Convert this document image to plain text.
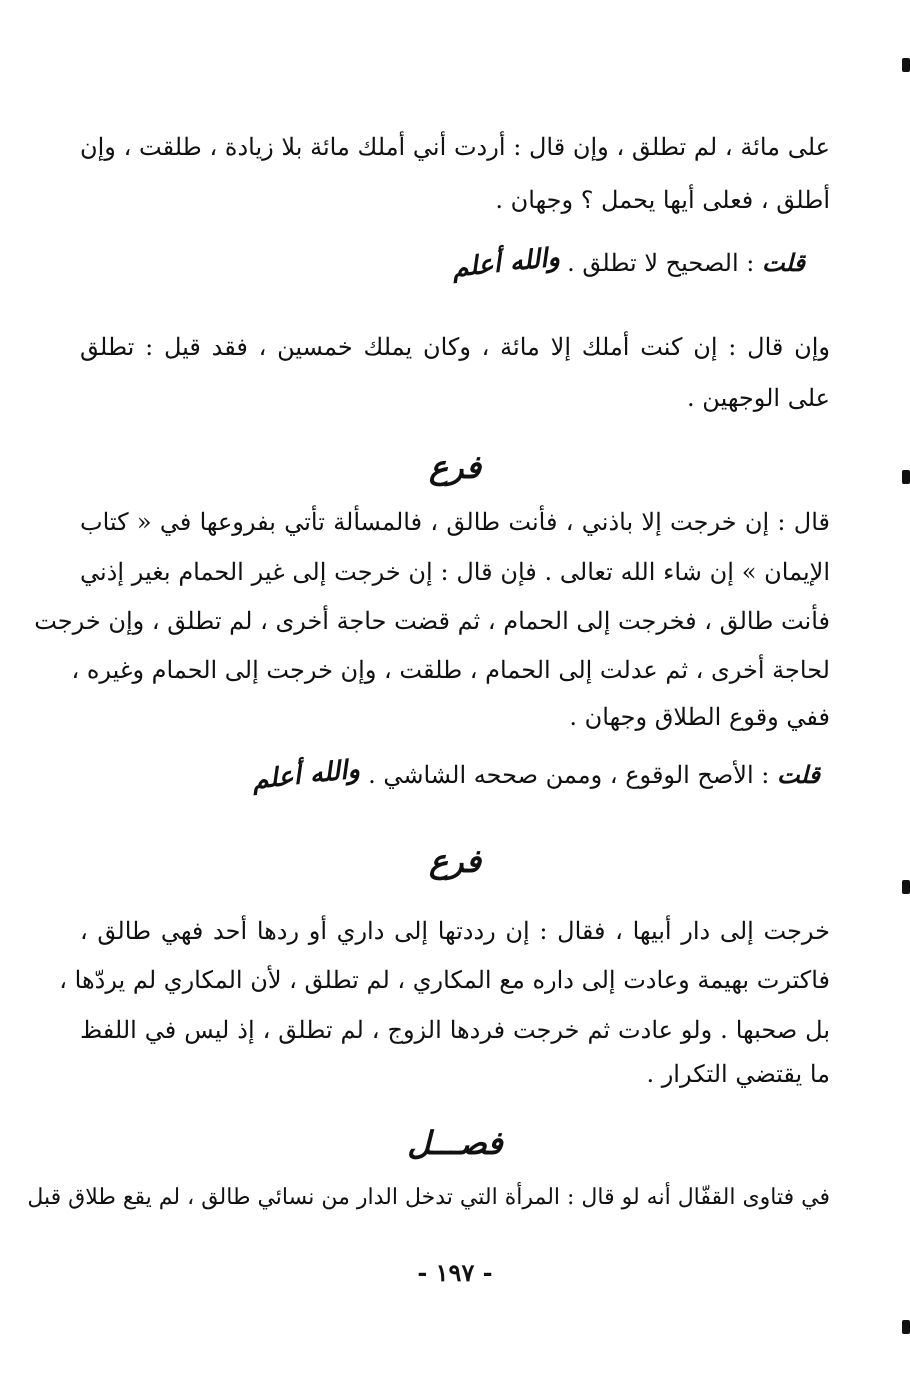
على مائة ، لم تطلق ، وإن قال : أردت أني أملك مائة بلا زيادة ، طلقت ، وإن
أطلق ، فعلى أيها يحمل ؟ وجهان .
قلت : الصحيح لا تطلق . والله أعلم
وإن قال : إن كنت أملك إلا مائة ، وكان يملك خمسين ، فقد قيل : تطلق
على الوجهين .
فرع
قال : إن خرجت إلا باذني ، فأنت طالق ، فالمسألة تأتي بفروعها في « كتاب
الإيمان » إن شاء الله تعالى . فإن قال : إن خرجت إلى غير الحمام بغير إذني
فأنت طالق ، فخرجت إلى الحمام ، ثم قضت حاجة أخرى ، لم تطلق ، وإن خرجت
لحاجة أخرى ، ثم عدلت إلى الحمام ، طلقت ، وإن خرجت إلى الحمام وغيره ،
ففي وقوع الطلاق وجهان .
قلت : الأصح الوقوع ، وممن صححه الشاشي . والله أعلم
فرع
خرجت إلى دار أبيها ، فقال : إن رددتها إلى داري أو ردها أحد فهي طالق ،
فاكترت بهيمة وعادت إلى داره مع المكاري ، لم تطلق ، لأن المكاري لم يردّها ،
بل صحبها . ولو عادت ثم خرجت فردها الزوج ، لم تطلق ، إذ ليس في اللفظ
ما يقتضي التكرار .
فصـــل
في فتاوى القفّال أنه لو قال : المرأة التي تدخل الدار من نسائي طالق ، لم يقع طلاق قبل
- ١٩٧ -
